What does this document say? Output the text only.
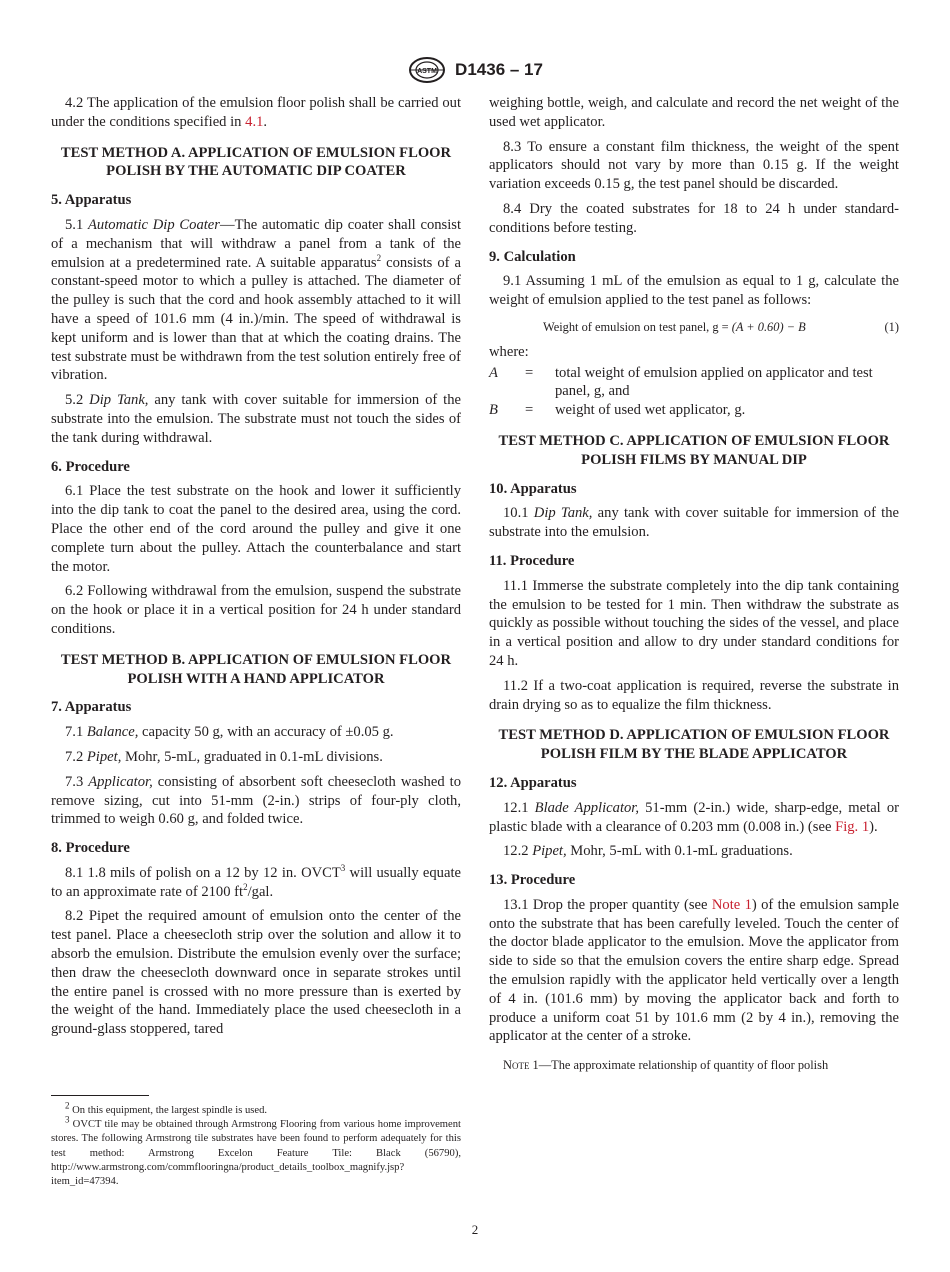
ASTM D1436 – 17

4.2 The application of the emulsion floor polish shall be carried out under the conditions specified in 4.1.

TEST METHOD A. APPLICATION OF EMULSION FLOOR POLISH BY THE AUTOMATIC DIP COATER

5. Apparatus

5.1 Automatic Dip Coater—The automatic dip coater shall consist of a mechanism that will withdraw a panel from a tank of the emulsion at a predetermined rate. A suitable apparatus$^2$ consists of a constant-speed motor to which a pulley is attached. The diameter of the pulley is such that the cord and hook assembly attached to it will have a speed of 101.6 mm (4 in.)/min. The speed of withdrawal is kept uniform and is lower than that at which the coating drains. The test substrate must be withdrawn from the test solution entirely free of vibration.

5.2 Dip Tank, any tank with cover suitable for immersion of the substrate into the emulsion. The substrate must not touch the sides of the tank during withdrawal.

6. Procedure

6.1 Place the test substrate on the hook and lower it sufficiently into the dip tank to coat the panel to the desired area, using the cord. Place the other end of the cord around the pulley and give it one complete turn about the pulley. Attach the counterbalance and start the motor.

6.2 Following withdrawal from the emulsion, suspend the substrate on the hook or place it in a vertical position for 24 h under standard conditions.

TEST METHOD B. APPLICATION OF EMULSION FLOOR POLISH WITH A HAND APPLICATOR

7. Apparatus

7.1 Balance, capacity 50 g, with an accuracy of ±0.05 g.

7.2 Pipet, Mohr, 5-mL, graduated in 0.1-mL divisions.

7.3 Applicator, consisting of absorbent soft cheesecloth washed to remove sizing, cut into 51-mm (2-in.) strips of four-ply cloth, trimmed to weigh 0.60 g, and folded twice.

8. Procedure

8.1 1.8 mils of polish on a 12 by 12 in. OVCT$^3$ will usually equate to an approximate rate of 2100 $ft^2$/gal.

8.2 Pipet the required amount of emulsion onto the center of the test panel. Place a cheesecloth strip over the solution and allow it to absorb the emulsion. Distribute the emulsion evenly over the surface; then draw the cheesecloth downward once in separate strokes until the entire panel is crossed with no more pressure than is exerted by the weight of the hand. Immediately place the used cheesecloth in a ground-glass stoppered, tared

$^2$ On this equipment, the largest spindle is used.

$^3$ OVCT tile may be obtained through Armstrong Flooring from various home improvement stores. The following Armstrong tile substrates have been found to perform adequately for this test method: Armstrong Excelon Feature Tile: Black (56790), http://www.armstrong.com/commflooringna/product_details_toolbox_magnify.jsp?item_id=47394.

weighing bottle, weigh, and calculate and record the net weight of the used wet applicator.

8.3 To ensure a constant film thickness, the weight of the spent applicators should not vary by more than 0.15 g. If the weight variation exceeds 0.15 g, the test panel should be discarded.

8.4 Dry the coated substrates for 18 to 24 h under standard-conditions before testing.

9. Calculation

9.1 Assuming 1 mL of the emulsion as equal to 1 g, calculate the weight of emulsion applied to the test panel as follows:

Weight of emulsion on test panel, g = (A + 0.60) − B	(1)

where:

A	=	total weight of emulsion applied on applicator and test panel, g, and
B	=	weight of used wet applicator, g.

TEST METHOD C. APPLICATION OF EMULSION FLOOR POLISH FILMS BY MANUAL DIP

10. Apparatus

10.1 Dip Tank, any tank with cover suitable for immersion of the substrate into the emulsion.

11. Procedure

11.1 Immerse the substrate completely into the dip tank containing the emulsion to be tested for 1 min. Then withdraw the substrate as quickly as possible without touching the sides of the vessel, and place in a vertical position and allow to dry under standard conditions for 24 h.

11.2 If a two-coat application is required, reverse the substrate in drain drying so as to equalize the film thickness.

TEST METHOD D. APPLICATION OF EMULSION FLOOR POLISH FILM BY THE BLADE APPLICATOR

12. Apparatus

12.1 Blade Applicator, 51-mm (2-in.) wide, sharp-edge, metal or plastic blade with a clearance of 0.203 mm (0.008 in.) (see Fig. 1).

12.2 Pipet, Mohr, 5-mL with 0.1-mL graduations.

13. Procedure

13.1 Drop the proper quantity (see Note 1) of the emulsion sample onto the substrate that has been carefully leveled. Touch the center of the doctor blade applicator to the emulsion. Move the applicator from side to side so that the emulsion covers the entire sharp edge. Spread the emulsion rapidly with the applicator held vertically over a length of 4 in. (101.6 mm) by moving the applicator back and forth to produce a uniform coat 51 by 101.6 mm (2 by 4 in.), removing the applicator at the center of a stroke.

Note 1—The approximate relationship of quantity of floor polish

2
